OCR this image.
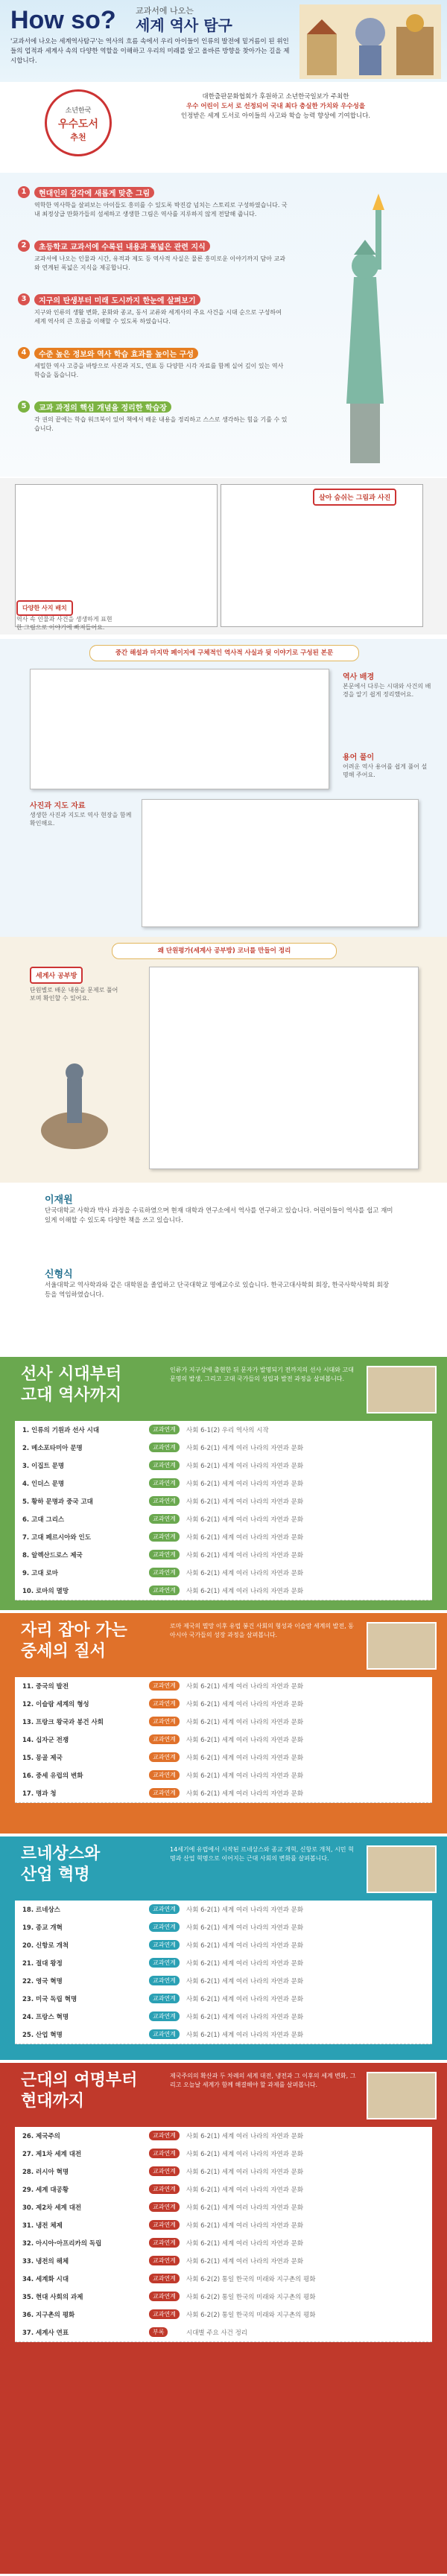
How so? 교과서에 나오는
세계 역사 탐구
'교과서에 나오는 세계역사탐구'는 역사의 흐름 속에서 우리 아이들이 인류의 발전에 밑거름이 된 위인들의 업적과 세계사 속의 다양한 역할을 이해하고 우리의 미래를 알고 올바른 방향을 찾아가는 길을 제시합니다.
소년한국
우수도서
추천
대한출판문화협회가 후원하고 소년한국일보가 주최한
우수 어린이 도서 로 선정되어 국내 최다 충실한 가치와 우수성을
인정받은 세계 도서로 아이들의 사고와 학습 능력 향상에 기여합니다.
1	현대인의 감각에 새롭게 맞춘 그림
역학한 역사학을 살펴보는 아이들도 흥미를 수 있도록 박진감 넘치는 스토리로 구성하였습니다. 국내 최정상급 만화가들의 섬세하고 생생한 그림은 역사를 지루하지 않게 전달해 줍니다.
2	초등학교 교과서에 수록된 내용과 폭넓은 관련 지식
교과서에 나오는 인물과 시간, 유적과 제도 등 역사적 사실은 물론 흥미로운 이야기까지 담아 교과와 연계된 폭넓은 지식을 제공합니다.
3	지구의 탄생부터 미래 도시까지 한눈에 살펴보기
지구와 인류의 생활 변화, 문화와 종교, 동서 교류와 세계사의 주요 사건을 시대 순으로 구성하여 세계 역사의 큰 흐름을 이해할 수 있도록 하였습니다.
4	수준 높은 정보와 역사 학습 효과를 높이는 구성
세밀한 역사 고증을 바탕으로 사진과 지도, 연표 등 다양한 시각 자료를 함께 실어 깊이 있는 역사 학습을 돕습니다.
5	교과 과정의 핵심 개념을 정리한 학습장
각 권의 끝에는 학습 워크북이 있어 책에서 배운 내용을 정리하고 스스로 생각하는 힘을 기를 수 있습니다.
살아 숨쉬는 그림과 사진
다양한 사지 배치
역사 속 인물과 사건을 생생하게 표현한 그림으로 이야기에 빠져들어요.
중간 해설과 마지막 페이지에 구체적인 역사적 사실과 뒷 이야기로 구성된 본문
역사 배경
본문에서 다루는 시대와 사건의 배경을 알기 쉽게 정리했어요.
용어 풀이
어려운 역사 용어를 쉽게 풀어 설명해 주어요.
사진과 지도 자료
생생한 사진과 지도로 역사 현장을 함께 확인해요.
왜 단원평가(세계사 공부방) 코너를 만들어 정리
세계사 공부방
단원별로 배운 내용을 문제로 풀어 보며 확인할 수 있어요.
이재원

단국대학교 사학과 박사 과정을 수료하였으며 현재 대학과 연구소에서 역사를 연구하고 있습니다. 어린이들이 역사를 쉽고 재미있게 이해할 수 있도록 다양한 책을 쓰고 있습니다.

신형식

서울대학교 역사학과와 같은 대학원을 졸업하고 단국대학교 명예교수로 있습니다. 한국고대사학회 회장, 한국사학사학회 회장 등을 역임하였습니다.

선사 시대부터
고대 역사까지
인류가 지구상에 출현한 뒤 문자가 발명되기 전까지의 선사 시대와 고대 문명의 발생, 그리고 고대 국가들의 성립과 발전 과정을 살펴봅니다.
1. 인류의 기원과 선사 시대	교과연계	사회 6-1(2) 우리 역사의 시작
2. 메소포타미아 문명	교과연계	사회 6-2(1) 세계 여러 나라의 자연과 문화
3. 이집트 문명	교과연계	사회 6-2(1) 세계 여러 나라의 자연과 문화
4. 인더스 문명	교과연계	사회 6-2(1) 세계 여러 나라의 자연과 문화
5. 황하 문명과 중국 고대	교과연계	사회 6-2(1) 세계 여러 나라의 자연과 문화
6. 고대 그리스	교과연계	사회 6-2(1) 세계 여러 나라의 자연과 문화
7. 고대 페르시아와 인도	교과연계	사회 6-2(1) 세계 여러 나라의 자연과 문화
8. 알렉산드로스 제국	교과연계	사회 6-2(1) 세계 여러 나라의 자연과 문화
9. 고대 로마	교과연계	사회 6-2(1) 세계 여러 나라의 자연과 문화
10. 로마의 멸망	교과연계	사회 6-2(1) 세계 여러 나라의 자연과 문화
자리 잡아 가는
중세의 질서
로마 제국의 멸망 이후 유럽 봉건 사회의 형성과 이슬람 세계의 발전, 동아시아 국가들의 성장 과정을 살펴봅니다.
11. 중국의 발전	교과연계	사회 6-2(1) 세계 여러 나라의 자연과 문화
12. 이슬람 세계의 형성	교과연계	사회 6-2(1) 세계 여러 나라의 자연과 문화
13. 프랑크 왕국과 봉건 사회	교과연계	사회 6-2(1) 세계 여러 나라의 자연과 문화
14. 십자군 전쟁	교과연계	사회 6-2(1) 세계 여러 나라의 자연과 문화
15. 몽골 제국	교과연계	사회 6-2(1) 세계 여러 나라의 자연과 문화
16. 중세 유럽의 변화	교과연계	사회 6-2(1) 세계 여러 나라의 자연과 문화
17. 명과 청	교과연계	사회 6-2(1) 세계 여러 나라의 자연과 문화
르네상스와
산업 혁명
14세기에 유럽에서 시작된 르네상스와 종교 개혁, 신항로 개척, 시민 혁명과 산업 혁명으로 이어지는 근대 사회의 변화를 살펴봅니다.
18. 르네상스	교과연계	사회 6-2(1) 세계 여러 나라의 자연과 문화
19. 종교 개혁	교과연계	사회 6-2(1) 세계 여러 나라의 자연과 문화
20. 신항로 개척	교과연계	사회 6-2(1) 세계 여러 나라의 자연과 문화
21. 절대 왕정	교과연계	사회 6-2(1) 세계 여러 나라의 자연과 문화
22. 영국 혁명	교과연계	사회 6-2(1) 세계 여러 나라의 자연과 문화
23. 미국 독립 혁명	교과연계	사회 6-2(1) 세계 여러 나라의 자연과 문화
24. 프랑스 혁명	교과연계	사회 6-2(1) 세계 여러 나라의 자연과 문화
25. 산업 혁명	교과연계	사회 6-2(1) 세계 여러 나라의 자연과 문화
근대의 여명부터
현대까지
제국주의의 확산과 두 차례의 세계 대전, 냉전과 그 이후의 세계 변화, 그리고 오늘날 세계가 함께 해결해야 할 과제를 살펴봅니다.
26. 제국주의	교과연계	사회 6-2(1) 세계 여러 나라의 자연과 문화
27. 제1차 세계 대전	교과연계	사회 6-2(1) 세계 여러 나라의 자연과 문화
28. 러시아 혁명	교과연계	사회 6-2(1) 세계 여러 나라의 자연과 문화
29. 세계 대공황	교과연계	사회 6-2(1) 세계 여러 나라의 자연과 문화
30. 제2차 세계 대전	교과연계	사회 6-2(1) 세계 여러 나라의 자연과 문화
31. 냉전 체제	교과연계	사회 6-2(1) 세계 여러 나라의 자연과 문화
32. 아시아·아프리카의 독립	교과연계	사회 6-2(1) 세계 여러 나라의 자연과 문화
33. 냉전의 해체	교과연계	사회 6-2(1) 세계 여러 나라의 자연과 문화
34. 세계화 시대	교과연계	사회 6-2(2) 통일 한국의 미래와 지구촌의 평화
35. 현대 사회의 과제	교과연계	사회 6-2(2) 통일 한국의 미래와 지구촌의 평화
36. 지구촌의 평화	교과연계	사회 6-2(2) 통일 한국의 미래와 지구촌의 평화
37. 세계사 연표	부록	시대별 주요 사건 정리
